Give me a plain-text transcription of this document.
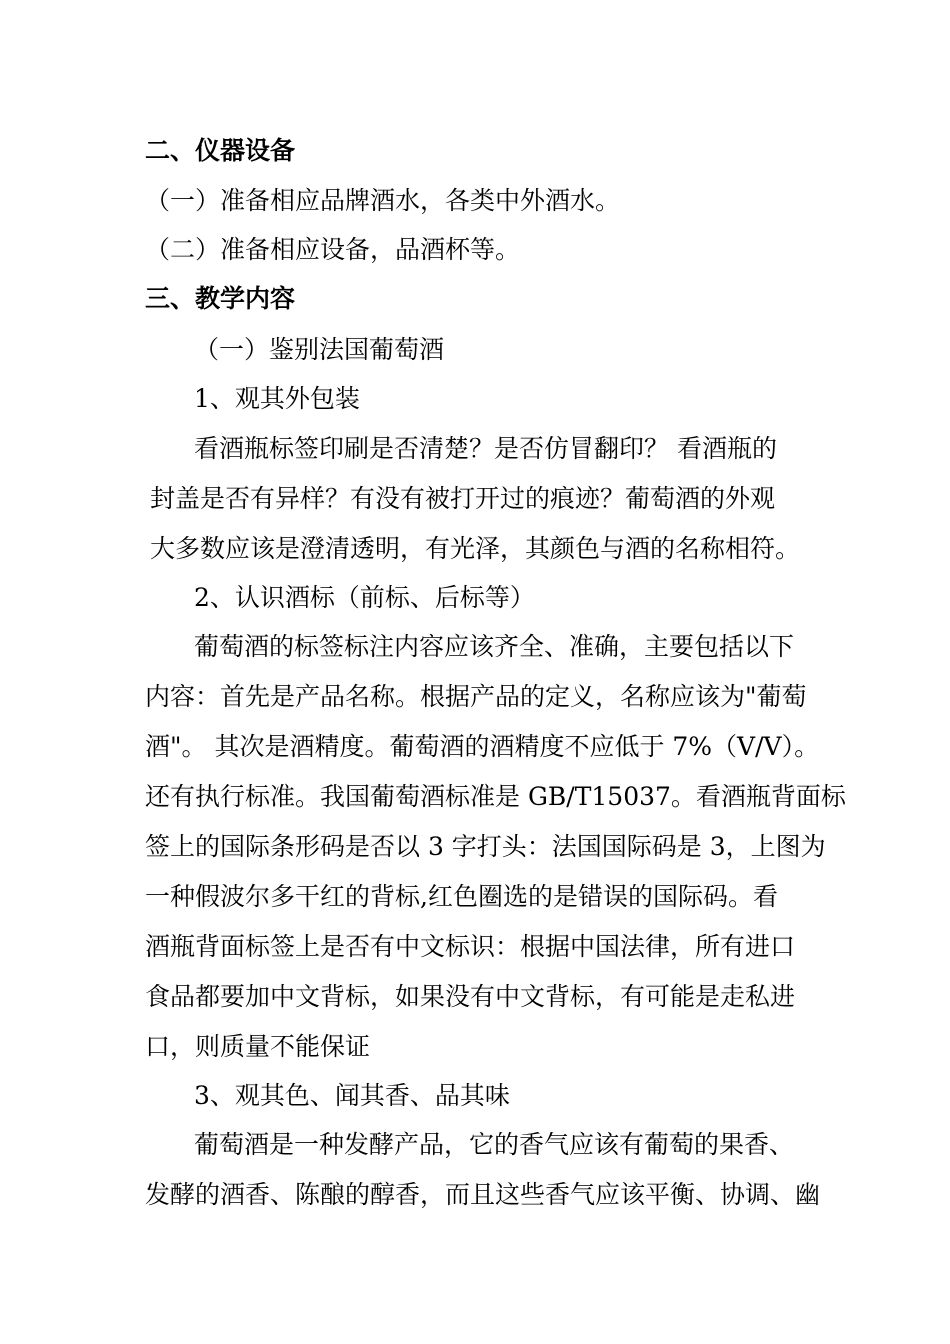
二、仪器设备
（一）准备相应品牌酒水，各类中外酒水。
（二）准备相应设备，品酒杯等。
三、教学内容
（一）鉴别法国葡萄酒
1、观其外包装
看酒瓶标签印刷是否清楚？是否仿冒翻印？ 看酒瓶的
封盖是否有异样？有没有被打开过的痕迹？葡萄酒的外观
大多数应该是澄清透明，有光泽，其颜色与酒的名称相符。
2、认识酒标（前标、后标等）
葡萄酒的标签标注内容应该齐全、准确，主要包括以下
内容：首先是产品名称。根据产品的定义，名称应该为"葡萄
酒"。 其次是酒精度。葡萄酒的酒精度不应低于 7%（V/V）。
还有执行标准。我国葡萄酒标准是 GB/T15037。看酒瓶背面标
签上的国际条形码是否以 3 字打头：法国国际码是 3，上图为
一种假波尔多干红的背标,红色圈选的是错误的国际码。看
酒瓶背面标签上是否有中文标识：根据中国法律，所有进口
食品都要加中文背标，如果没有中文背标，有可能是走私进
口，则质量不能保证
3、观其色、闻其香、品其味
葡萄酒是一种发酵产品，它的香气应该有葡萄的果香、
发酵的酒香、陈酿的醇香，而且这些香气应该平衡、协调、幽
